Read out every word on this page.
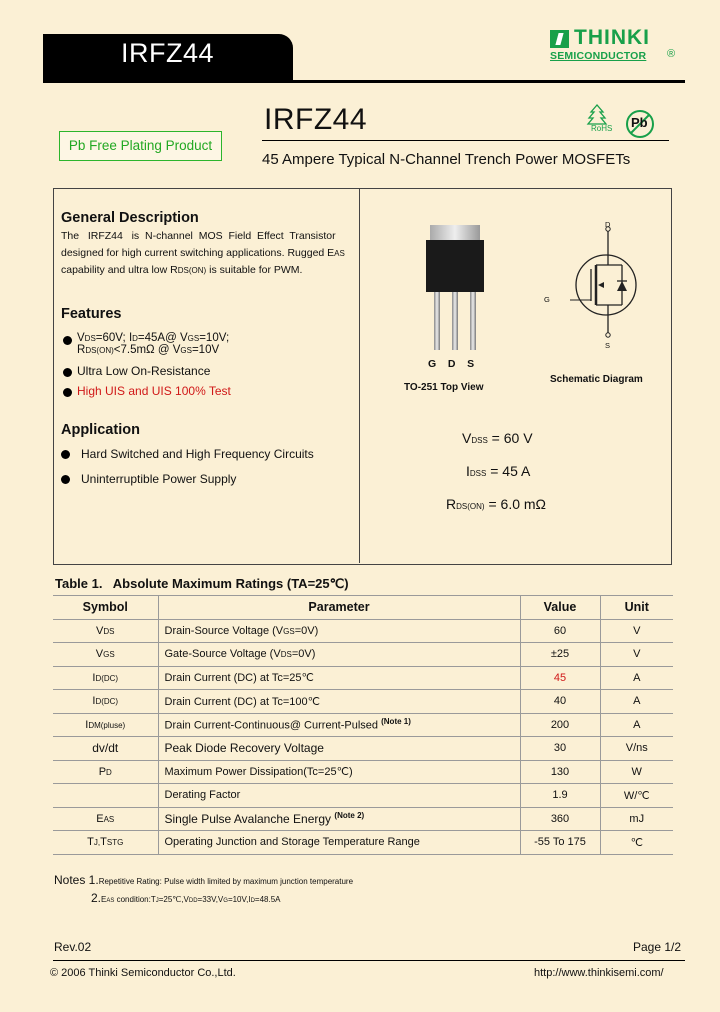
IRFZ44
THINKI
SEMICONDUCTOR ®
Pb Free Plating Product
IRFZ44
45 Ampere Typical N-Channel Trench Power MOSFETs
RoHS Pb
General Description
The   IRFZ44   is  N-channel  MOS  Field  Effect  Transistor
designed for high current switching applications. Rugged EAS
capability and ultra low RDS(ON) is suitable for PWM.
Features
VDS=60V; ID=45A@ VGS=10V;
RDS(ON)<7.5mΩ @ VGS=10V
Ultra Low On-Resistance
High UIS and UIS 100% Test
Application
Hard Switched and High Frequency Circuits
Uninterruptible Power Supply
G    D    S
TO-251 Top View
D
G
S
Schematic Diagram
VDSS = 60 V
IDSS = 45 A
RDS(ON) = 6.0 mΩ
Table 1.   Absolute Maximum Ratings (TA=25℃)
Symbol	Parameter	Value	Unit
VDS	Drain-Source Voltage (VGS=0V)	60	V
VGS	Gate-Source Voltage (VDS=0V)	±25	V
ID(DC)	Drain Current (DC) at Tc=25℃	45	A
ID(DC)	Drain Current (DC) at Tc=100℃	40	A
IDM(pluse)	Drain Current-Continuous@ Current-Pulsed $^{(Note 1)}$	200	A
dv/dt	Peak Diode Recovery Voltage	30	V/ns
PD	Maximum Power Dissipation(Tc=25℃)	130	W
	Derating Factor	1.9	W/℃
EAS	Single Pulse Avalanche Energy $^{(Note 2)}$	360	mJ
TJ,TSTG	Operating Junction and Storage Temperature Range	-55 To 175	℃
Notes 1.Repetitive Rating: Pulse width limited by maximum junction temperature
2.EAS condition:TJ=25℃,VDD=33V,VG=10V,ID=48.5A
Rev.02	Page 1/2
© 2006 Thinki Semiconductor Co.,Ltd.	http://www.thinkisemi.com/
